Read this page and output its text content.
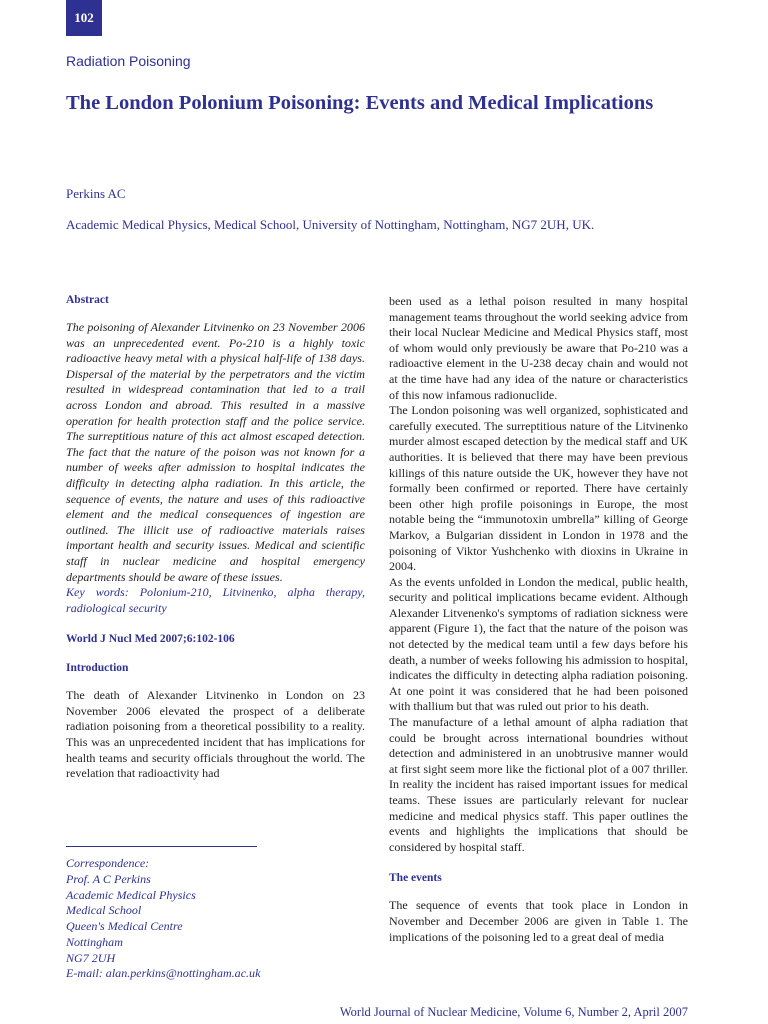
102
Radiation Poisoning
The London Polonium Poisoning: Events and Medical Implications
Perkins AC
Academic Medical Physics, Medical School, University of Nottingham, Nottingham, NG7 2UH, UK.

Abstract

The poisoning of Alexander Litvinenko on 23 November 2006 was an unprecedented event. Po-210 is a highly toxic radioactive heavy metal with a physical half-life of 138 days. Dispersal of the material by the perpetrators and the victim resulted in widespread contamination that led to a trail across London and abroad. This resulted in a massive operation for health protection staff and the police service. The surreptitious nature of this act almost escaped detection. The fact that the nature of the poison was not known for a number of weeks after admission to hospital indicates the difficulty in detecting alpha radiation. In this article, the sequence of events, the nature and uses of this radioactive element and the medical consequences of ingestion are outlined. The illicit use of radioactive materials raises important health and security issues. Medical and scientific staff in nuclear medicine and hospital emergency departments should be aware of these issues.

Key words: Polonium-210, Litvinenko, alpha therapy, radiological security

World J Nucl Med 2007;6:102-106

Introduction

The death of Alexander Litvinenko in London on 23 November 2006 elevated the prospect of a deliberate radiation poisoning from a theoretical possibility to a reality. This was an unprecedented incident that has implications for health teams and security officials throughout the world. The revelation that radioactivity had

Correspondence:
Prof. A C Perkins
Academic Medical Physics
Medical School
Queen's Medical Centre
Nottingham
NG7 2UH
E-mail: alan.perkins@nottingham.ac.uk

been used as a lethal poison resulted in many hospital management teams throughout the world seeking advice from their local Nuclear Medicine and Medical Physics staff, most of whom would only previously be aware that Po-210 was a radioactive element in the U-238 decay chain and would not at the time have had any idea of the nature or characteristics of this now infamous radionuclide.

The London poisoning was well organized, sophisticated and carefully executed. The surreptitious nature of the Litvinenko murder almost escaped detection by the medical staff and UK authorities. It is believed that there may have been previous killings of this nature outside the UK, however they have not formally been confirmed or reported. There have certainly been other high profile poisonings in Europe, the most notable being the “immunotoxin umbrella” killing of George Markov, a Bulgarian dissident in London in 1978 and the poisoning of Viktor Yushchenko with dioxins in Ukraine in 2004.

As the events unfolded in London the medical, public health, security and political implications became evident. Although Alexander Litvenenko's symptoms of radiation sickness were apparent (Figure 1), the fact that the nature of the poison was not detected by the medical team until a few days before his death, a number of weeks following his admission to hospital, indicates the difficulty in detecting alpha radiation poisoning. At one point it was considered that he had been poisoned with thallium but that was ruled out prior to his death.

The manufacture of a lethal amount of alpha radiation that could be brought across international boundries without detection and administered in an unobtrusive manner would at first sight seem more like the fictional plot of a 007 thriller. In reality the incident has raised important issues for medical teams. These issues are particularly relevant for nuclear medicine and medical physics staff. This paper outlines the events and highlights the implications that should be considered by hospital staff.

The events

The sequence of events that took place in London in November and December 2006 are given in Table 1. The implications of the poisoning led to a great deal of media

World Journal of Nuclear Medicine, Volume 6, Number 2, April 2007
